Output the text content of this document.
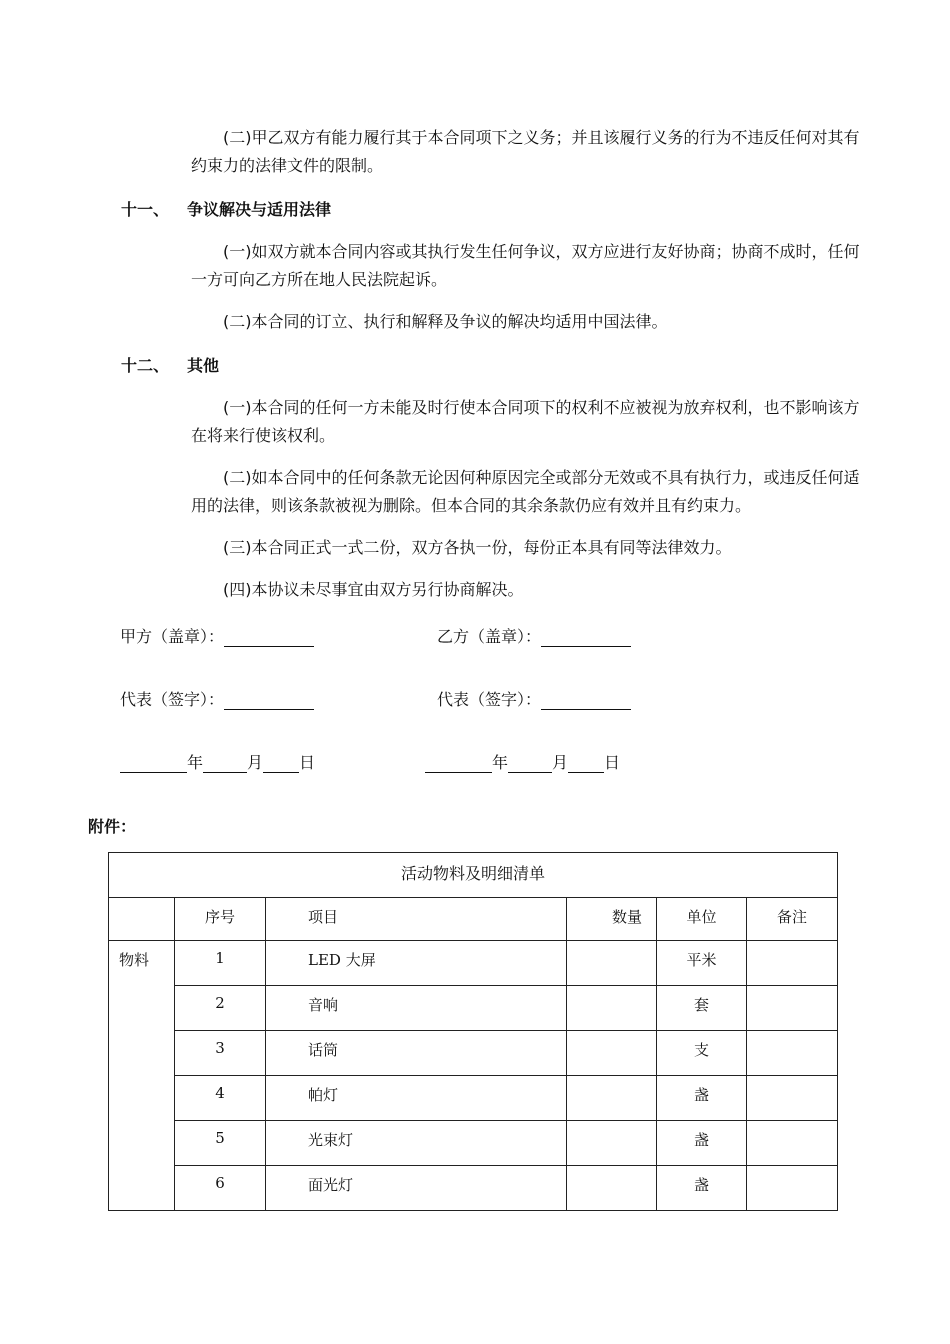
(二)甲乙双方有能力履行其于本合同项下之义务；并且该履行义务的行为不违反任何对其有约束力的法律文件的限制。

十一、 争议解决与适用法律

(一)如双方就本合同内容或其执行发生任何争议，双方应进行友好协商；协商不成时，任何一方可向乙方所在地人民法院起诉。

(二)本合同的订立、执行和解释及争议的解决均适用中国法律。

十二、 其他

(一)本合同的任何一方未能及时行使本合同项下的权利不应被视为放弃权利，也不影响该方在将来行使该权利。

(二)如本合同中的任何条款无论因何种原因完全或部分无效或不具有执行力，或违反任何适用的法律，则该条款被视为删除。但本合同的其余条款仍应有效并且有约束力。

(三)本合同正式一式二份，双方各执一份，每份正本具有同等法律效力。

(四)本协议未尽事宜由双方另行协商解决。

甲方（盖章）：	乙方（盖章）：
代表（签字）：	代表（签字）：
年	月 日	年	月 日
附件：
活动物料及明细清单					
	序号	项目	数量	单位	备注
物料	1	LED 大屏		平米	
	2	音响		套	
	3	话筒		支	
	4	帕灯		盏	
	5	光束灯		盏	
	6	面光灯		盏	
